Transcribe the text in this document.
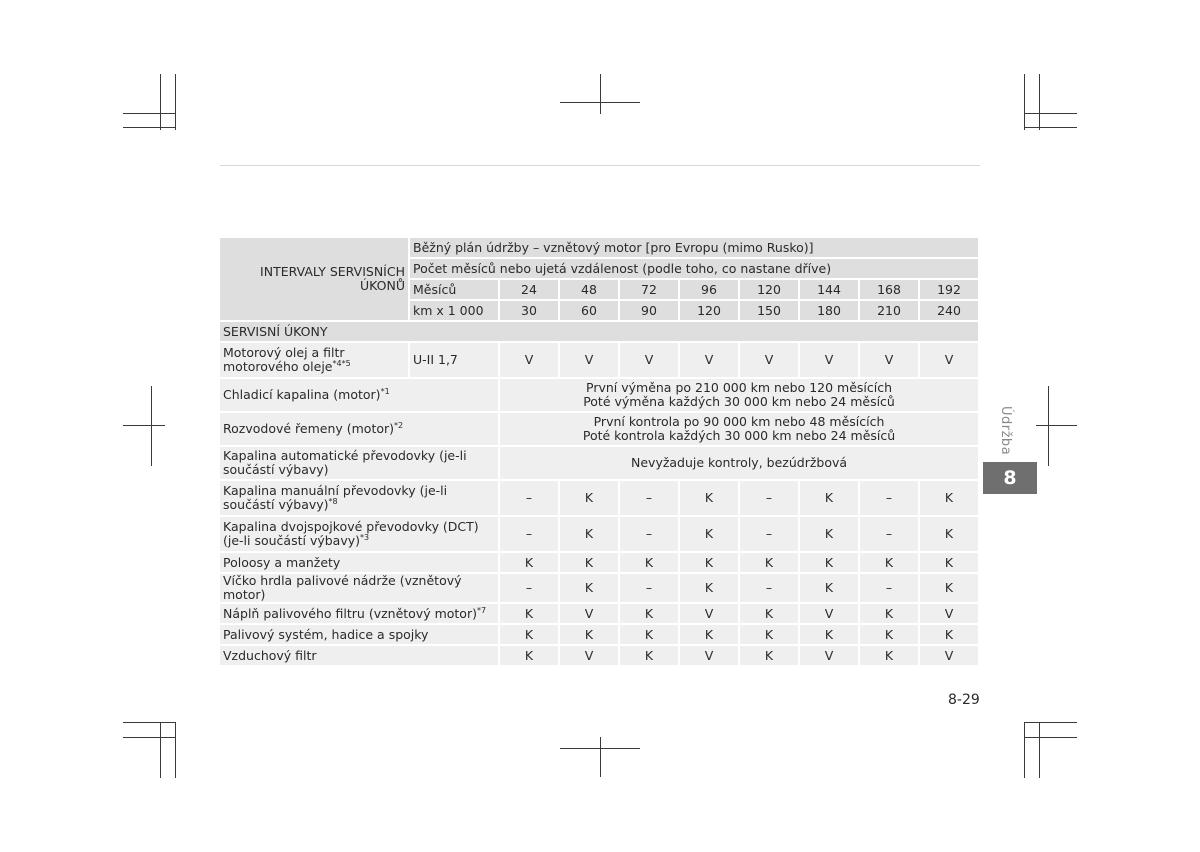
INTERVALY SERVISNÍCH ÚKONŮ	Běžný plán údržby – vznětový motor [pro Evropu (mimo Rusko)]								
	Počet měsíců nebo ujetá vzdálenost (podle toho, co nastane dříve)								
	Měsíců	24	48	72	96	120	144	168	192
	km x 1 000	30	60	90	120	150	180	210	240
SERVISNÍ ÚKONY									
Motorový olej a filtr motorového oleje$^{*4*5}$	U-II 1,7	V	V	V	V	V	V	V	V
Chladicí kapalina (motor)$^{*1}$		První výměna po 210 000 km nebo 120 měsících
Poté výměna každých 30 000 km nebo 24 měsíců							

Rozvodové řemeny (motor)$^{*2}$		První kontrola po 90 000 km nebo 48 měsících
Poté kontrola každých 30 000 km nebo 24 měsíců							

Kapalina automatické převodovky (je-li součástí výbavy)		Nevyžaduje kontroly, bezúdržbová							
Kapalina manuální převodovky (je-li součástí výbavy)$^{*8}$		–	K	–	K	–	K	–	K
Kapalina dvojspojkové převodovky (DCT) (je-li součástí výbavy)$^{*3}$		–	K	–	K	–	K	–	K
Poloosy a manžety		K	K	K	K	K	K	K	K
Víčko hrdla palivové nádrže (vznětový motor)		–	K	–	K	–	K	–	K
Náplň palivového filtru (vznětový motor)$^{*7}$		K	V	K	V	K	V	K	V
Palivový systém, hadice a spojky		K	K	K	K	K	K	K	K
Vzduchový filtr		K	V	K	V	K	V	K	V
Údržba
8
8-29
